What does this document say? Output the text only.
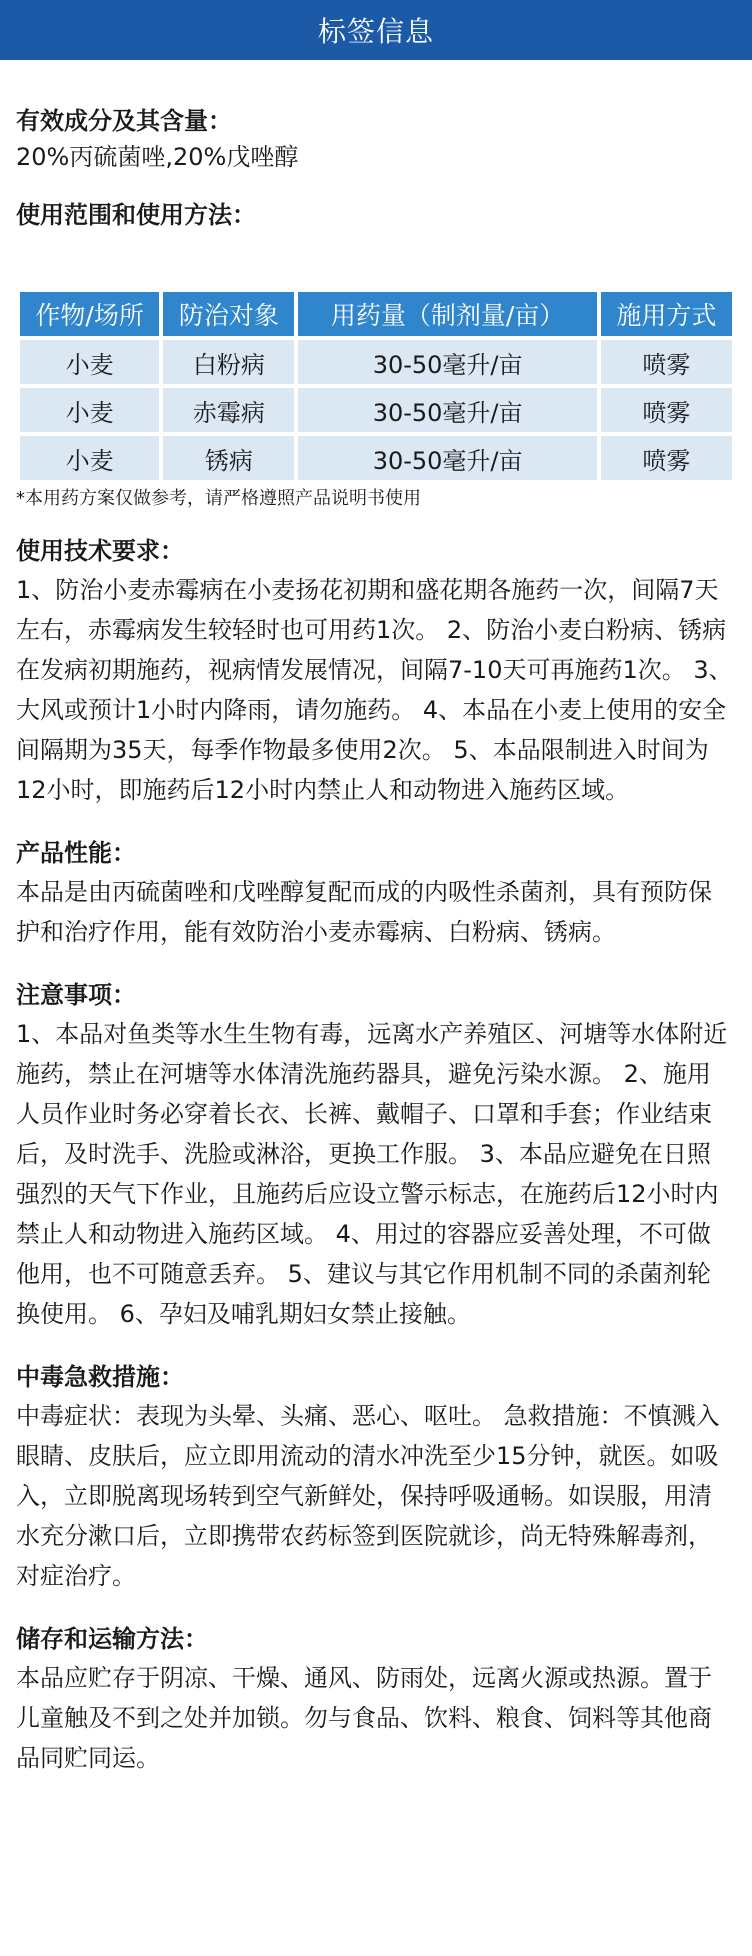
标签信息

有效成分及其含量：

20%丙硫菌唑,20%戊唑醇

使用范围和使用方法：

作物/场所	防治对象	用药量（制剂量/亩）	施用方式
小麦	白粉病	30-50毫升/亩	喷雾
小麦	赤霉病	30-50毫升/亩	喷雾
小麦	锈病	30-50毫升/亩	喷雾

*本用药方案仅做参考，请严格遵照产品说明书使用

使用技术要求：

1、防治小麦赤霉病在小麦扬花初期和盛花期各施药一次，间隔7天左右，赤霉病发生较轻时也可用药1次。 2、防治小麦白粉病、锈病在发病初期施药，视病情发展情况，间隔7-10天可再施药1次。 3、大风或预计1小时内降雨，请勿施药。 4、本品在小麦上使用的安全间隔期为35天，每季作物最多使用2次。 5、本品限制进入时间为12小时，即施药后12小时内禁止人和动物进入施药区域。

产品性能：

本品是由丙硫菌唑和戊唑醇复配而成的内吸性杀菌剂，具有预防保护和治疗作用，能有效防治小麦赤霉病、白粉病、锈病。

注意事项：

1、本品对鱼类等水生生物有毒，远离水产养殖区、河塘等水体附近施药，禁止在河塘等水体清洗施药器具，避免污染水源。 2、施用人员作业时务必穿着长衣、长裤、戴帽子、口罩和手套；作业结束后，及时洗手、洗脸或淋浴，更换工作服。 3、本品应避免在日照强烈的天气下作业，且施药后应设立警示标志，在施药后12小时内禁止人和动物进入施药区域。 4、用过的容器应妥善处理，不可做他用，也不可随意丢弃。 5、建议与其它作用机制不同的杀菌剂轮换使用。 6、孕妇及哺乳期妇女禁止接触。

中毒急救措施：

中毒症状：表现为头晕、头痛、恶心、呕吐。 急救措施：不慎溅入眼睛、皮肤后，应立即用流动的清水冲洗至少15分钟，就医。如吸入，立即脱离现场转到空气新鲜处，保持呼吸通畅。如误服，用清水充分漱口后，立即携带农药标签到医院就诊，尚无特殊解毒剂，对症治疗。

储存和运输方法：

本品应贮存于阴凉、干燥、通风、防雨处，远离火源或热源。置于儿童触及不到之处并加锁。勿与食品、饮料、粮食、饲料等其他商品同贮同运。
